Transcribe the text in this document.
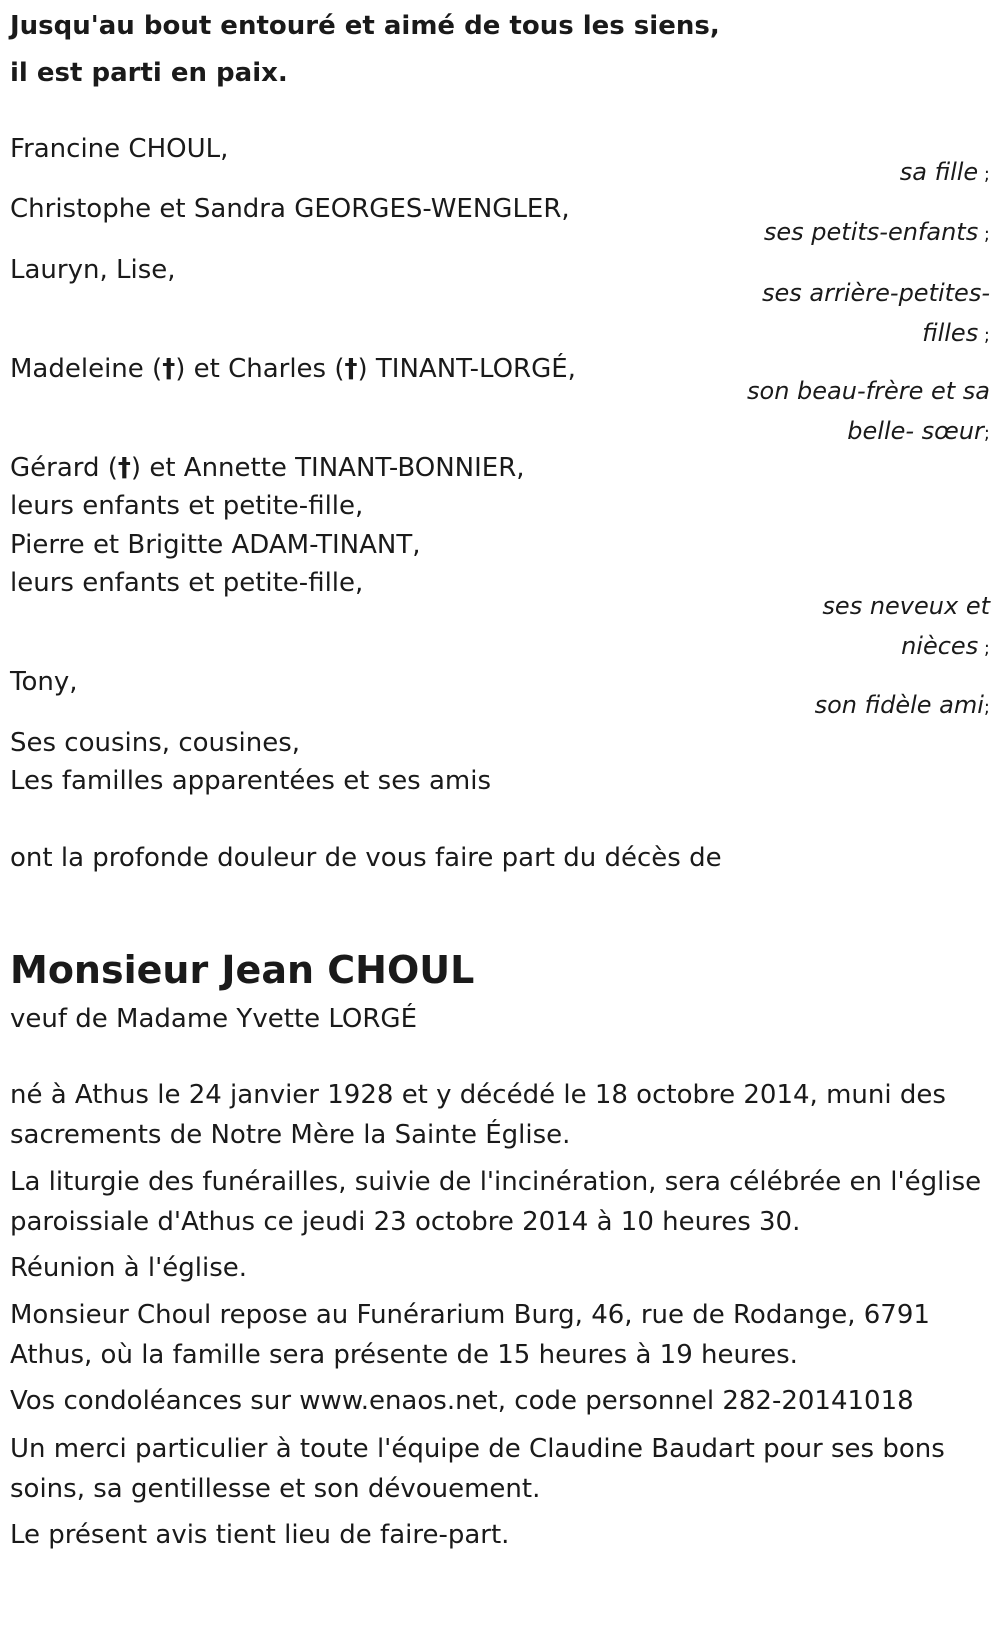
Jusqu'au bout entouré et aimé de tous les siens,
il est parti en paix.
Francine CHOUL,
Christophe et Sandra GEORGES-WENGLER,
Lauryn, Lise,
Madeleine (†) et Charles (†) TINANT-LORGÉ,
Gérard (†) et Annette TINANT-BONNIER,
leurs enfants et petite-fille,
Pierre et Brigitte ADAM-TINANT,
leurs enfants et petite-fille,
Tony,
Ses cousins, cousines,
Les familles apparentées et ses amis
sa fille ;
ses petits-enfants ;
ses arrière-petites-
filles ;
son beau-frère et sa
belle- sœur;
ses neveux et
nièces ;
son fidèle ami;
ont la profonde douleur de vous faire part du décès de
Monsieur Jean CHOUL
veuf de Madame Yvette LORGÉ
né à Athus le 24 janvier 1928 et y décédé le 18 octobre 2014, muni des sacrements de Notre Mère la Sainte Église.
La liturgie des funérailles, suivie de l'incinération, sera célébrée en l'église paroissiale d'Athus ce jeudi 23 octobre 2014 à 10 heures 30.
Réunion à l'église.
Monsieur Choul repose au Funérarium Burg, 46, rue de Rodange, 6791 Athus, où la famille sera présente de 15 heures à 19 heures.
Vos condoléances sur www.enaos.net, code personnel 282-20141018
Un merci particulier à toute l'équipe de Claudine Baudart pour ses bons soins, sa gentillesse et son dévouement.
Le présent avis tient lieu de faire-part.
